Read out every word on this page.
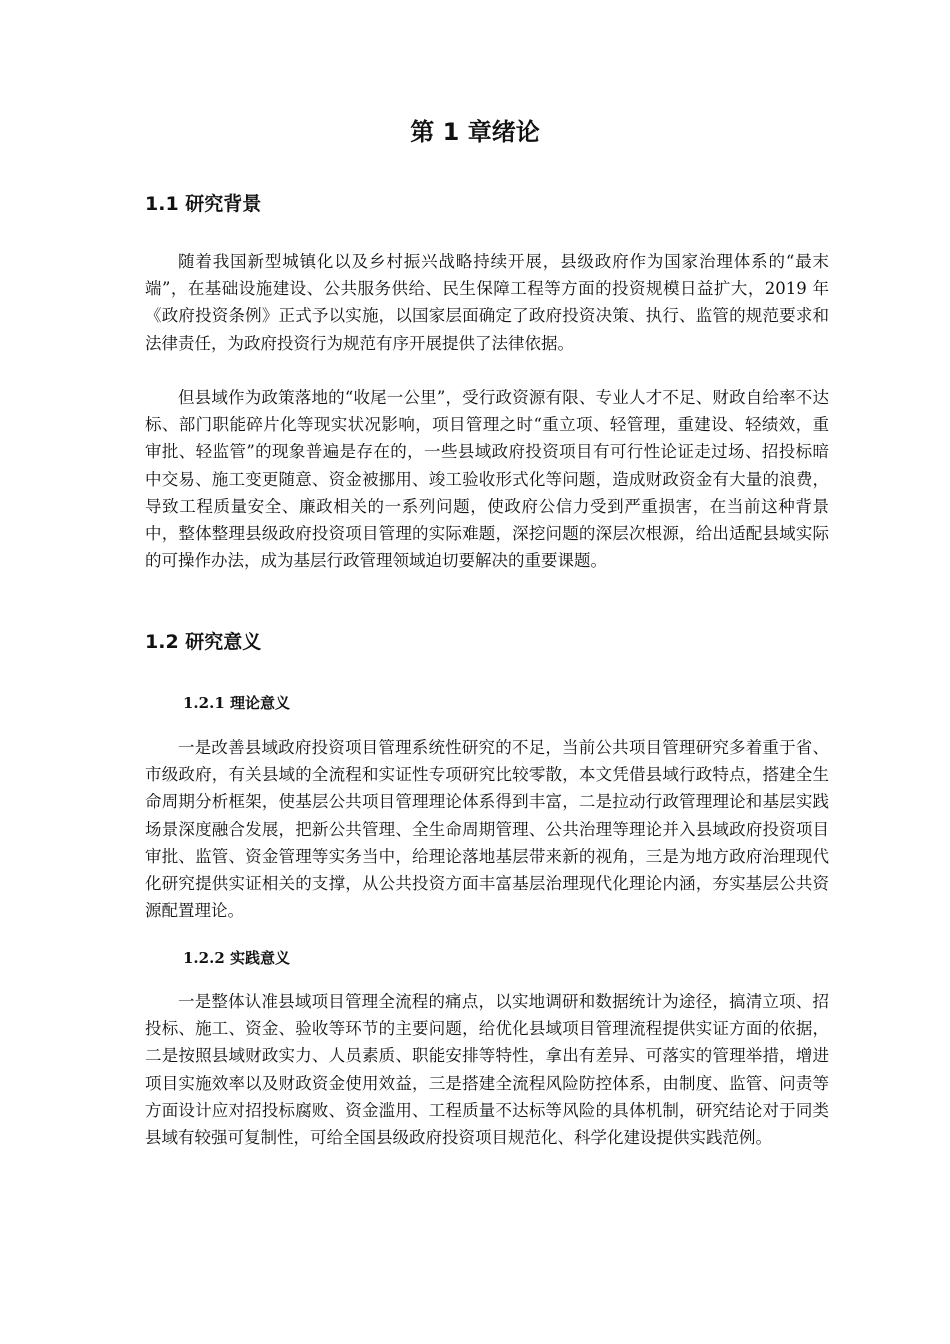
第 1 章绪论
1.1 研究背景

随着我国新型城镇化以及乡村振兴战略持续开展，县级政府作为国家治理体系的“最末端”，在基础设施建设、公共服务供给、民生保障工程等方面的投资规模日益扩大，2019 年《政府投资条例》正式予以实施，以国家层面确定了政府投资决策、执行、监管的规范要求和法律责任，为政府投资行为规范有序开展提供了法律依据。

但县域作为政策落地的“收尾一公里”，受行政资源有限、专业人才不足、财政自给率不达标、部门职能碎片化等现实状况影响，项目管理之时“重立项、轻管理，重建设、轻绩效，重审批、轻监管”的现象普遍是存在的，一些县域政府投资项目有可行性论证走过场、招投标暗中交易、施工变更随意、资金被挪用、竣工验收形式化等问题，造成财政资金有大量的浪费，导致工程质量安全、廉政相关的一系列问题，使政府公信力受到严重损害，在当前这种背景中，整体整理县级政府投资项目管理的实际难题，深挖问题的深层次根源，给出适配县域实际的可操作办法，成为基层行政管理领域迫切要解决的重要课题。

1.2 研究意义
1.2.1 理论意义

一是改善县域政府投资项目管理系统性研究的不足，当前公共项目管理研究多着重于省、市级政府，有关县域的全流程和实证性专项研究比较零散，本文凭借县域行政特点，搭建全生命周期分析框架，使基层公共项目管理理论体系得到丰富，二是拉动行政管理理论和基层实践场景深度融合发展，把新公共管理、全生命周期管理、公共治理等理论并入县域政府投资项目审批、监管、资金管理等实务当中，给理论落地基层带来新的视角，三是为地方政府治理现代化研究提供实证相关的支撑，从公共投资方面丰富基层治理现代化理论内涵，夯实基层公共资源配置理论。

1.2.2 实践意义

一是整体认准县域项目管理全流程的痛点，以实地调研和数据统计为途径，搞清立项、招投标、施工、资金、验收等环节的主要问题，给优化县域项目管理流程提供实证方面的依据，二是按照县域财政实力、人员素质、职能安排等特性，拿出有差异、可落实的管理举措，增进项目实施效率以及财政资金使用效益，三是搭建全流程风险防控体系，由制度、监管、问责等方面设计应对招投标腐败、资金滥用、工程质量不达标等风险的具体机制，研究结论对于同类县域有较强可复制性，可给全国县级政府投资项目规范化、科学化建设提供实践范例。
